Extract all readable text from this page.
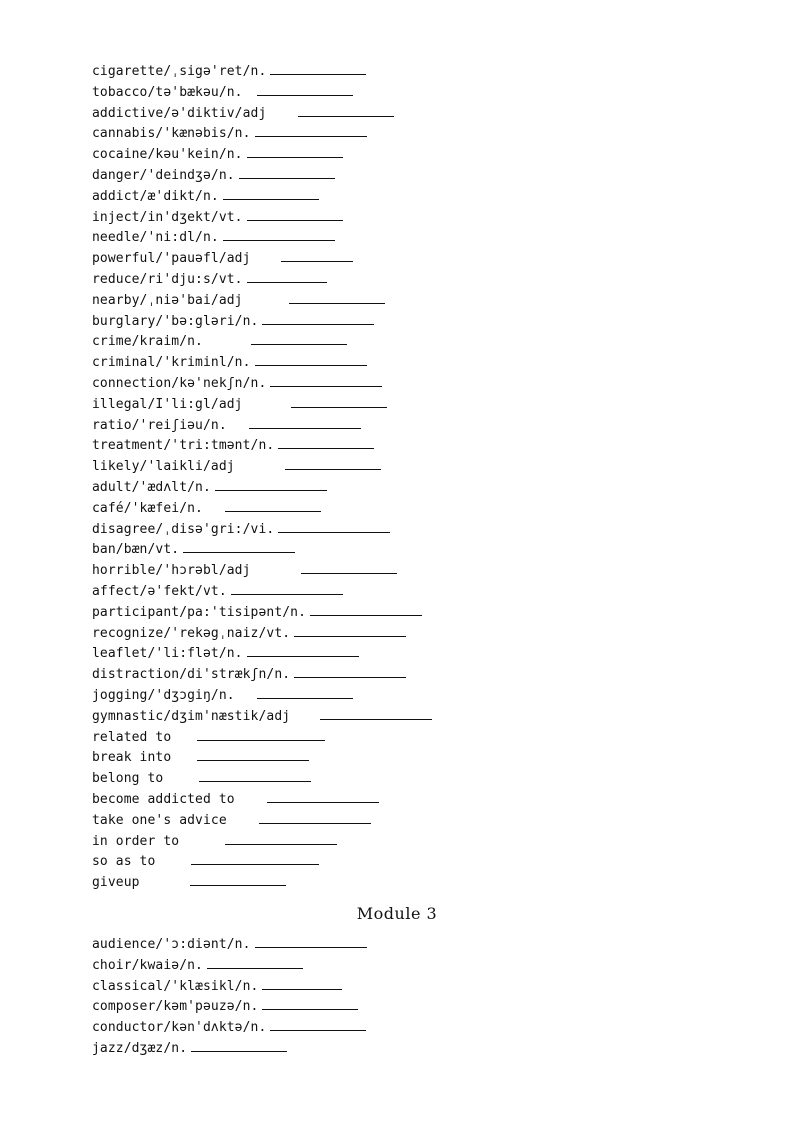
cigarette/ˌsigə'ret/n.
tobacco/tə'bækəu/n.
addictive/ə'diktiv/adj
cannabis/'kænəbis/n.
cocaine/kəu'kein/n.
danger/'deindʒə/n.
addict/æ'dikt/n.
inject/in'dʒekt/vt.
needle/'ni:dl/n.
powerful/'pauəfl/adj
reduce/ri'dju:s/vt.
nearby/ˌniə'bai/adj
burglary/'bə:gləri/n.
crime/kraim/n.
criminal/'kriminl/n.
connection/kə'nekʃn/n.
illegal/I'li:gl/adj
ratio/'reiʃiəu/n.
treatment/'tri:tmənt/n.
likely/'laikli/adj
adult/'ædʌlt/n.
café/'kæfei/n.
disagree/ˌdisə'gri:/vi.
ban/bæn/vt.
horrible/'hɔrəbl/adj
affect/ə'fekt/vt.
participant/pa:'tisipənt/n.
recognize/'rekəgˌnaiz/vt.
leaflet/'li:flət/n.
distraction/di'strækʃn/n.
jogging/'dʒɔgiŋ/n.
gymnastic/dʒim'næstik/adj
related to
break into
belong to
become addicted to
take one's advice
in order to
so as to
giveup
Module 3
audience/'ɔ:diənt/n.
choir/kwaiə/n.
classical/'klæsikl/n.
composer/kəm'pəuzə/n.
conductor/kən'dʌktə/n.
jazz/dʒæz/n.
